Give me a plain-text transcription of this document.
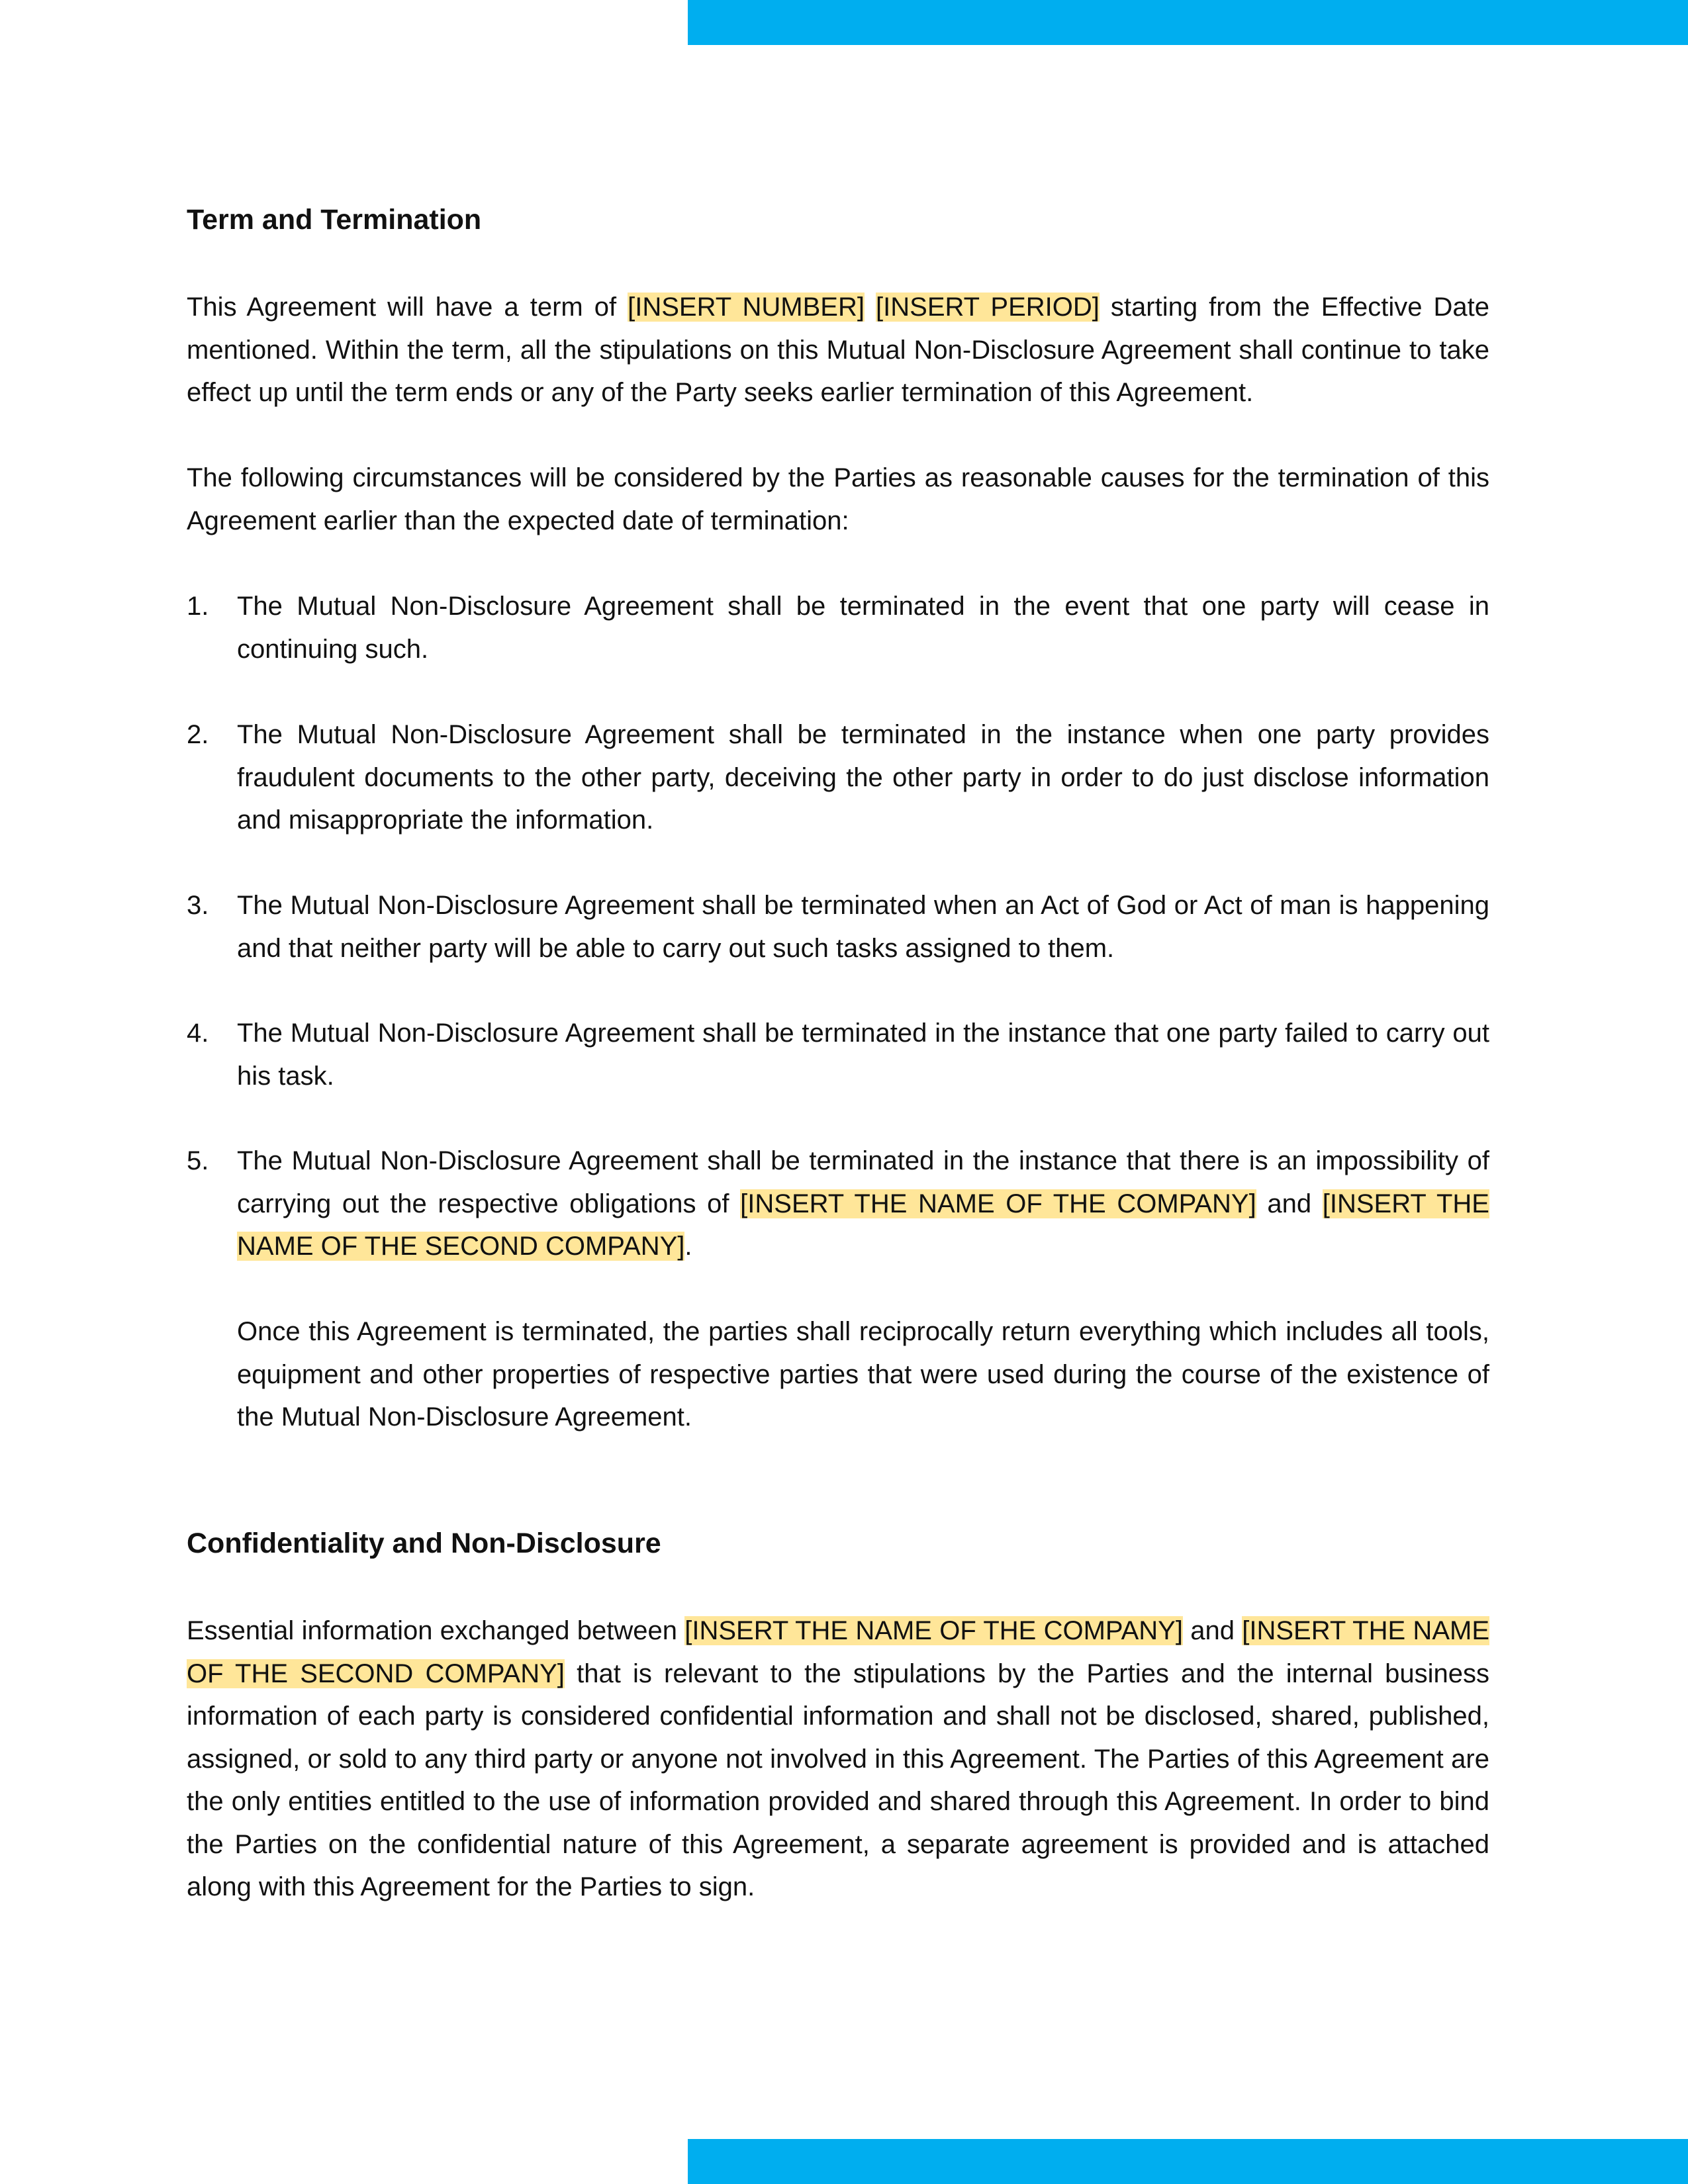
Term and Termination

This Agreement will have a term of [INSERT NUMBER] [INSERT PERIOD] starting from the Effective Date mentioned. Within the term, all the stipulations on this Mutual Non-Disclosure Agreement shall continue to take effect up until the term ends or any of the Party seeks earlier termination of this Agreement.

The following circumstances will be considered by the Parties as reasonable causes for the termination of this Agreement earlier than the expected date of termination:

1. The Mutual Non-Disclosure Agreement shall be terminated in the event that one party will cease in continuing such.
2. The Mutual Non-Disclosure Agreement shall be terminated in the instance when one party provides fraudulent documents to the other party, deceiving the other party in order to do just disclose information and misappropriate the information.
3. The Mutual Non-Disclosure Agreement shall be terminated when an Act of God or Act of man is happening and that neither party will be able to carry out such tasks assigned to them.
4. The Mutual Non-Disclosure Agreement shall be terminated in the instance that one party failed to carry out his task.
5. The Mutual Non-Disclosure Agreement shall be terminated in the instance that there is an impossibility of carrying out the respective obligations of [INSERT THE NAME OF THE COMPANY] and [INSERT THE NAME OF THE SECOND COMPANY].

Once this Agreement is terminated, the parties shall reciprocally return everything which includes all tools, equipment and other properties of respective parties that were used during the course of the existence of the Mutual Non-Disclosure Agreement.

Confidentiality and Non-Disclosure

Essential information exchanged between [INSERT THE NAME OF THE COMPANY] and [INSERT THE NAME OF THE SECOND COMPANY] that is relevant to the stipulations by the Parties and the internal business information of each party is considered confidential information and shall not be disclosed, shared, published, assigned, or sold to any third party or anyone not involved in this Agreement. The Parties of this Agreement are the only entities entitled to the use of information provided and shared through this Agreement. In order to bind the Parties on the confidential nature of this Agreement, a separate agreement is provided and is attached along with this Agreement for the Parties to sign.
